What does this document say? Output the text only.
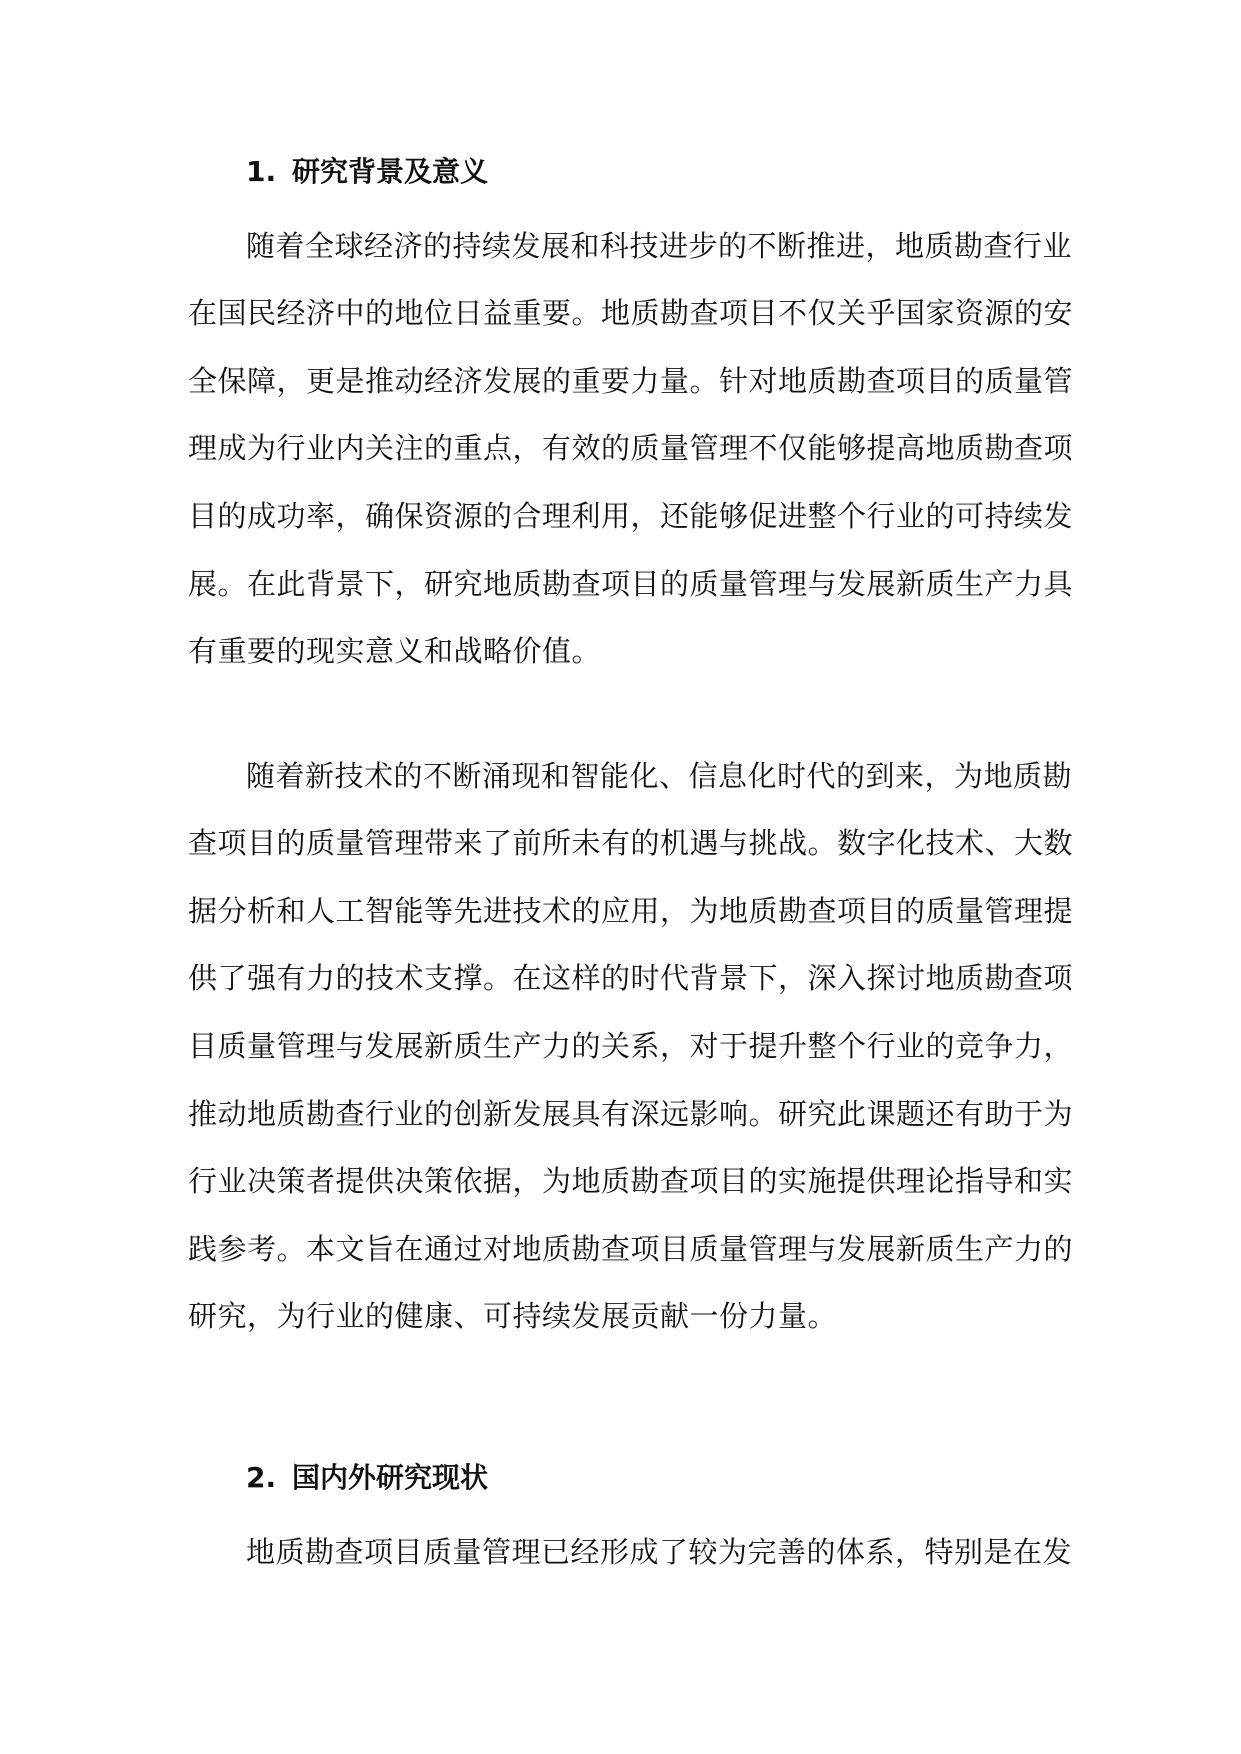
1. 研究背景及意义
随着全球经济的持续发展和科技进步的不断推进，地质勘查行业
在国民经济中的地位日益重要。地质勘查项目不仅关乎国家资源的安
全保障，更是推动经济发展的重要力量。针对地质勘查项目的质量管
理成为行业内关注的重点，有效的质量管理不仅能够提高地质勘查项
目的成功率，确保资源的合理利用，还能够促进整个行业的可持续发
展。在此背景下，研究地质勘查项目的质量管理与发展新质生产力具
有重要的现实意义和战略价值。
随着新技术的不断涌现和智能化、信息化时代的到来，为地质勘
查项目的质量管理带来了前所未有的机遇与挑战。数字化技术、大数
据分析和人工智能等先进技术的应用，为地质勘查项目的质量管理提
供了强有力的技术支撑。在这样的时代背景下，深入探讨地质勘查项
目质量管理与发展新质生产力的关系，对于提升整个行业的竞争力，
推动地质勘查行业的创新发展具有深远影响。研究此课题还有助于为
行业决策者提供决策依据，为地质勘查项目的实施提供理论指导和实
践参考。本文旨在通过对地质勘查项目质量管理与发展新质生产力的
研究，为行业的健康、可持续发展贡献一份力量。
2. 国内外研究现状
地质勘查项目质量管理已经形成了较为完善的体系，特别是在发
